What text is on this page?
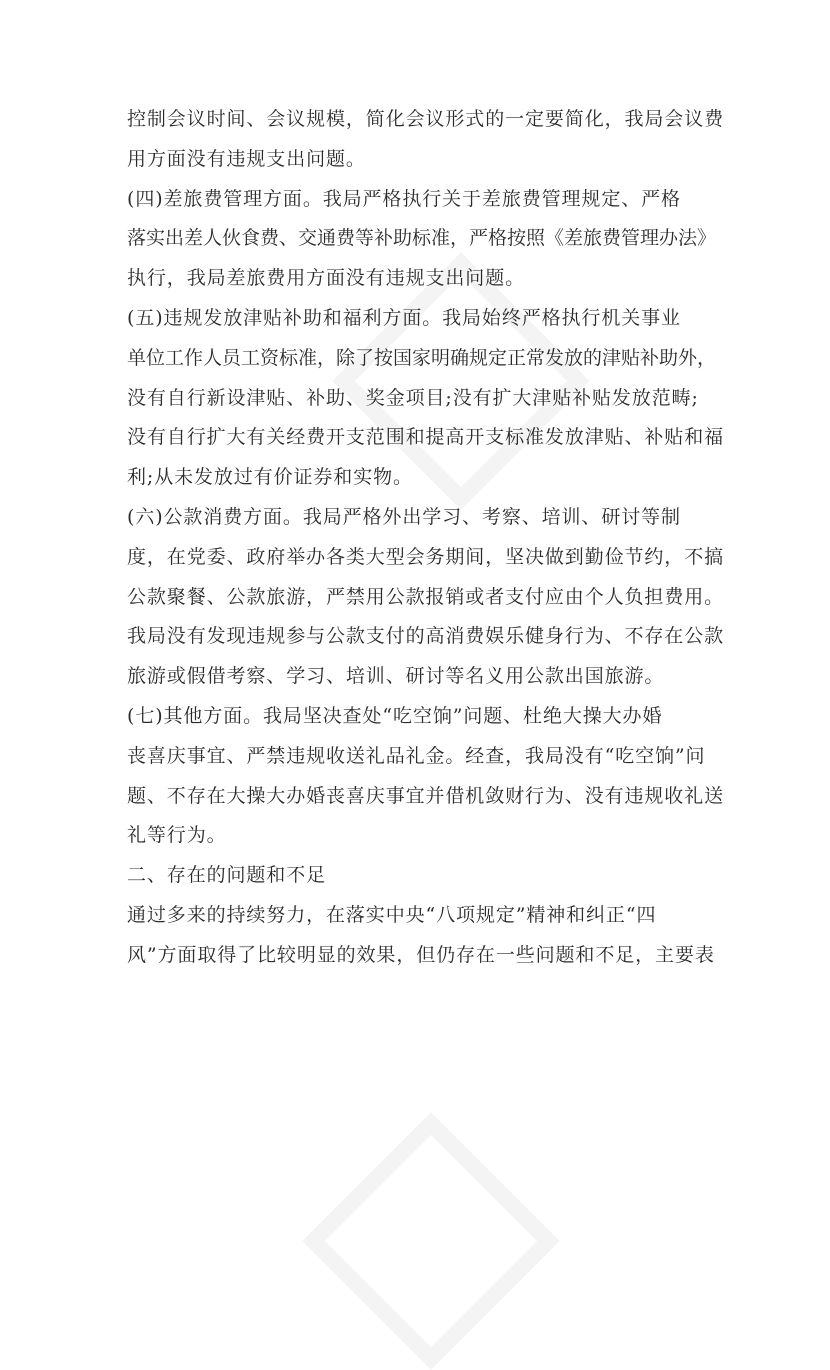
控制会议时间、会议规模，简化会议形式的一定要简化，我局会议费
用方面没有违规支出问题。
(四)差旅费管理方面。我局严格执行关于差旅费管理规定、严格
落实出差人伙食费、交通费等补助标准，严格按照《差旅费管理办法》
执行，我局差旅费用方面没有违规支出问题。
(五)违规发放津贴补助和福利方面。我局始终严格执行机关事业
单位工作人员工资标准，除了按国家明确规定正常发放的津贴补助外，
没有自行新设津贴、补助、奖金项目;没有扩大津贴补贴发放范畴;
没有自行扩大有关经费开支范围和提高开支标准发放津贴、补贴和福
利;从未发放过有价证券和实物。
(六)公款消费方面。我局严格外出学习、考察、培训、研讨等制
度，在党委、政府举办各类大型会务期间，坚决做到勤俭节约，不搞
公款聚餐、公款旅游，严禁用公款报销或者支付应由个人负担费用。
我局没有发现违规参与公款支付的高消费娱乐健身行为、不存在公款
旅游或假借考察、学习、培训、研讨等名义用公款出国旅游。
(七)其他方面。我局坚决查处“吃空饷”问题、杜绝大操大办婚
丧喜庆事宜、严禁违规收送礼品礼金。经查，我局没有“吃空饷”问
题、不存在大操大办婚丧喜庆事宜并借机敛财行为、没有违规收礼送
礼等行为。
二、存在的问题和不足
通过多来的持续努力，在落实中央“八项规定”精神和纠正“四
风”方面取得了比较明显的效果，但仍存在一些问题和不足，主要表
